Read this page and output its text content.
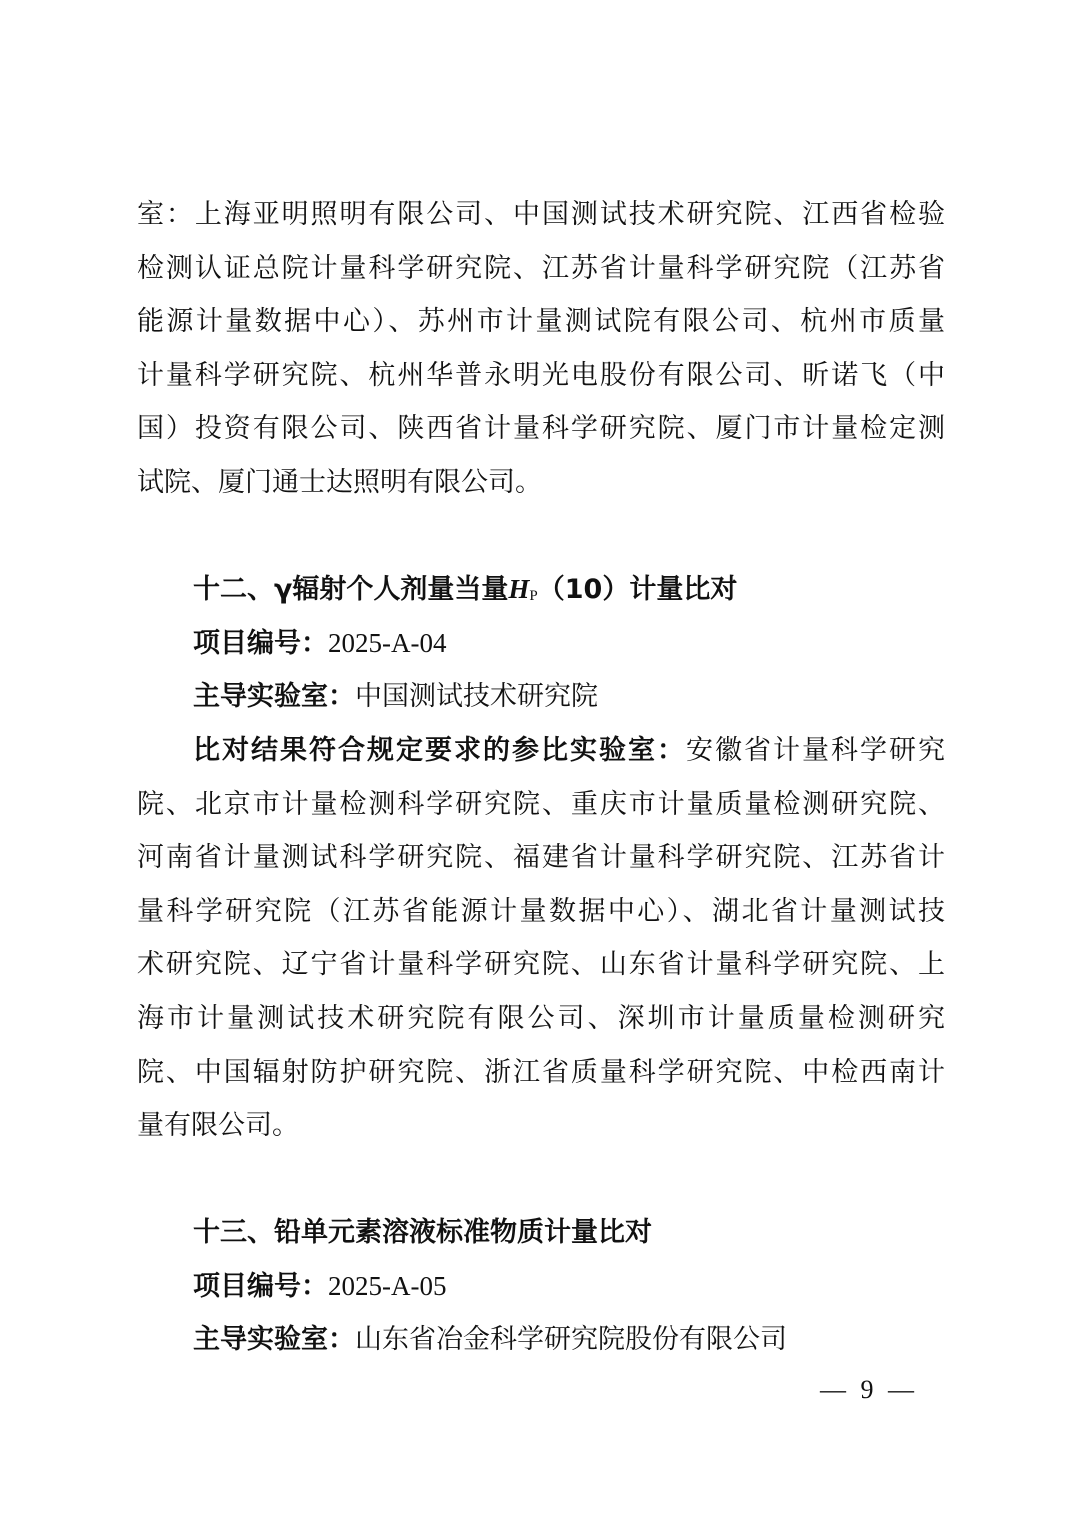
室：上海亚明照明有限公司、中国测试技术研究院、江西省检验
检测认证总院计量科学研究院、江苏省计量科学研究院（江苏省
能源计量数据中心）、苏州市计量测试院有限公司、杭州市质量
计量科学研究院、杭州华普永明光电股份有限公司、昕诺飞（中
国）投资有限公司、陕西省计量科学研究院、厦门市计量检定测
试院、厦门通士达照明有限公司。
十二、γ辐射个人剂量当量$H_P(10)$计量比对
项目编号：2025-A-04
主导实验室：中国测试技术研究院
比对结果符合规定要求的参比实验室：安徽省计量科学研究
院、北京市计量检测科学研究院、重庆市计量质量检测研究院、
河南省计量测试科学研究院、福建省计量科学研究院、江苏省计
量科学研究院（江苏省能源计量数据中心）、湖北省计量测试技
术研究院、辽宁省计量科学研究院、山东省计量科学研究院、上
海市计量测试技术研究院有限公司、深圳市计量质量检测研究
院、中国辐射防护研究院、浙江省质量科学研究院、中检西南计
量有限公司。
十三、铅单元素溶液标准物质计量比对
项目编号：2025-A-05
主导实验室：山东省冶金科学研究院股份有限公司
— 9 —
